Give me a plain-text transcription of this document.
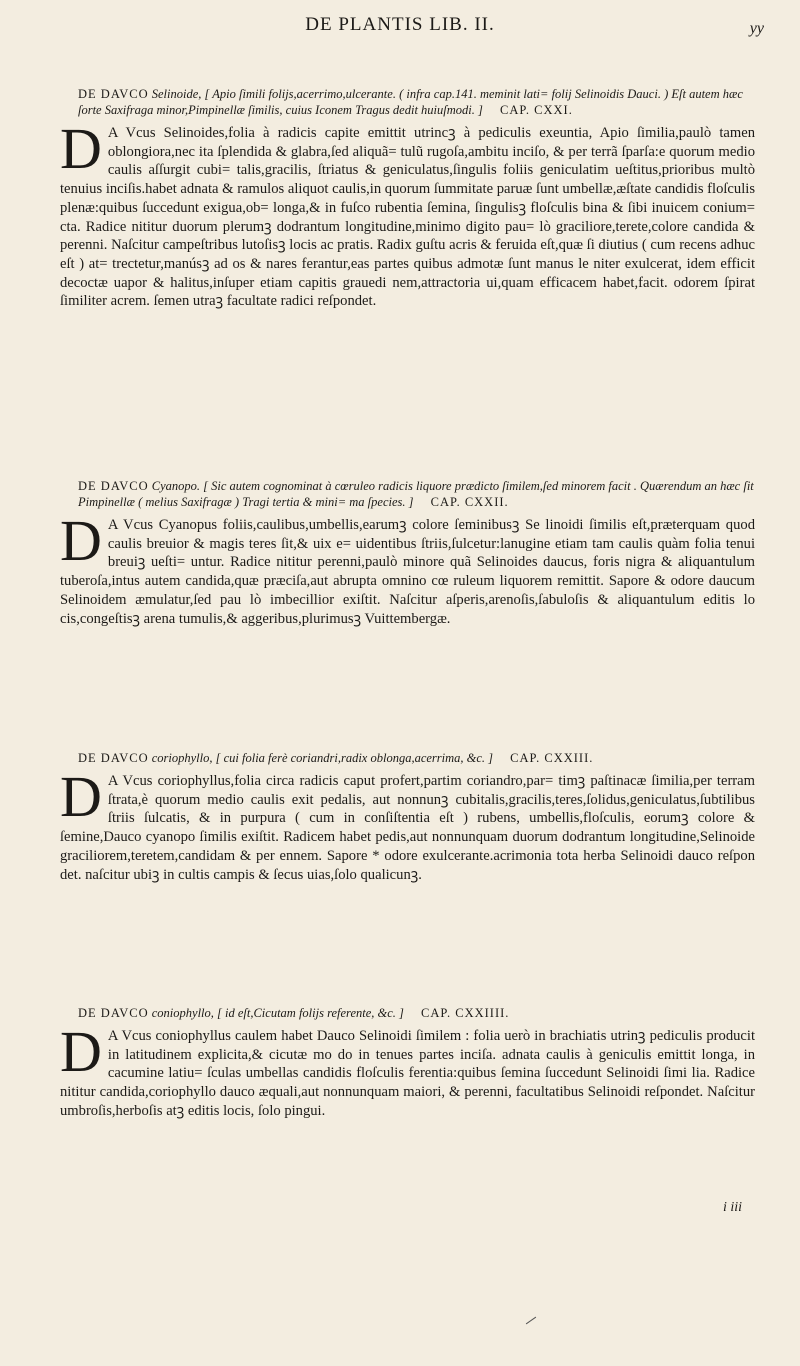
DE PLANTIS LIB. II.	yy

DE DAVCO Selinoide, [ Apio ſimili folijs,acerrimo,ulcerante. ( infra cap.141. meminit lati= folij Selinoidis Dauci. ) Eſt autem hæc ſorte Saxifraga minor,Pimpinellæ ſimilis, cuius Iconem Tragus dedit huiuſmodi. ] CAP. CXXI.

D A Vcus Selinoides,folia à radicis capite emittit utrincꝫ à pediculis exeuntia, Apio ſimilia,paulò tamen oblongiora,nec ita ſplendida & glabra,ſed aliquã= tulũ rugoſa,ambitu inciſo, & per terrã ſparſa:e quorum medio caulis aſſurgit cubi= talis,gracilis, ſtriatus & geniculatus,ſingulis foliis geniculatim ueſtitus,prioribus multò tenuius inciſis.habet adnata & ramulos aliquot caulis,in quorum ſummitate paruæ ſunt umbellæ,æſtate candidis floſculis plenæ:quibus ſuccedunt exigua,ob= longa,& in fuſco rubentia ſemina, ſingulisꝫ floſculis bina & ſibi inuicem conium= cta. Radice nititur duorum plerumꝫ dodrantum longitudine,minimo digito pau= lò graciliore,terete,colore candida & perenni. Naſcitur campeſtribus lutoſisꝫ locis ac pratis. Radix guſtu acris & feruida eſt,quæ ſi diutius ( cum recens adhuc eſt ) at= trectetur,manúsꝫ ad os & nares ferantur,eas partes quibus admotæ ſunt manus le niter exulcerat, idem efficit decoctæ uapor & halitus,inſuper etiam capitis grauedi nem,attractoria ui,quam efficacem habet,facit. odorem ſpirat ſimiliter acrem. ſemen utraꝫ facultate radici reſpondet.

DE DAVCO Cyanopo. [ Sic autem cognominat à cœruleo radicis liquore prædicto ſimilem,ſed minorem facit . Quærendum an hæc ſit Pimpinellæ ( melius Saxifragæ ) Tragi tertia & mini= ma ſpecies. ] CAP. CXXII.

D A Vcus Cyanopus foliis,caulibus,umbellis,earumꝫ colore ſeminibusꝫ Se linoidi ſimilis eſt,præterquam quod caulis breuior & magis teres ſit,& uix e= uidentibus ſtriis,ſulcetur:lanugine etiam tam caulis quàm folia tenui breuiꝫ ueſti= untur. Radice nititur perenni,paulò minore quã Selinoides daucus, foris nigra & aliquantulum tuberoſa,intus autem candida,quæ præciſa,aut abrupta omnino cœ ruleum liquorem remittit. Sapore & odore daucum Selinoidem æmulatur,ſed pau lò imbecillior exiſtit. Naſcitur aſperis,arenoſis,ſabuloſis & aliquantulum editis lo cis,congeſtisꝫ arena tumulis,& aggeribus,plurimusꝫ Vuittembergæ.

DE DAVCO coriophyllo, [ cui folia ferè coriandri,radix oblonga,acerrima, &c. ] CAP. CXXIII.

D A Vcus coriophyllus,folia circa radicis caput profert,partim coriandro,par= timꝫ paſtinacæ ſimilia,per terram ſtrata,è quorum medio caulis exit pedalis, aut nonnunꝫ cubitalis,gracilis,teres,ſolidus,geniculatus,ſubtilibus ſtriis ſulcatis, & in purpura ( cum in conſiſtentia eſt ) rubens, umbellis,floſculis, eorumꝫ colore & ſemine,Dauco cyanopo ſimilis exiſtit. Radicem habet pedis,aut nonnunquam duorum dodrantum longitudine,Selinoide graciliorem,teretem,candidam & per ennem. Sapore * odore exulcerante.acrimonia tota herba Selinoidi dauco reſpon det. naſcitur ubiꝫ in cultis campis & ſecus uias,ſolo qualicunꝫ.

DE DAVCO coniophyllo, [ id eſt,Cicutam folijs referente, &c. ] CAP. CXXIIII.

D A Vcus coniophyllus caulem habet Dauco Selinoidi ſimilem : folia uerò in brachiatis utrinꝫ pediculis producit in latitudinem explicita,& cicutæ mo do in tenues partes inciſa. adnata caulis à geniculis emittit longa, in cacumine latiu= ſculas umbellas candidis floſculis ferentia:quibus ſemina ſuccedunt Selinoidi ſimi lia. Radice nititur candida,coriophyllo dauco æquali,aut nonnunquam maiori, & perenni, facultatibus Selinoidi reſpondet. Naſcitur umbroſis,herboſis atꝫ editis locis, ſolo pingui.

i iii
